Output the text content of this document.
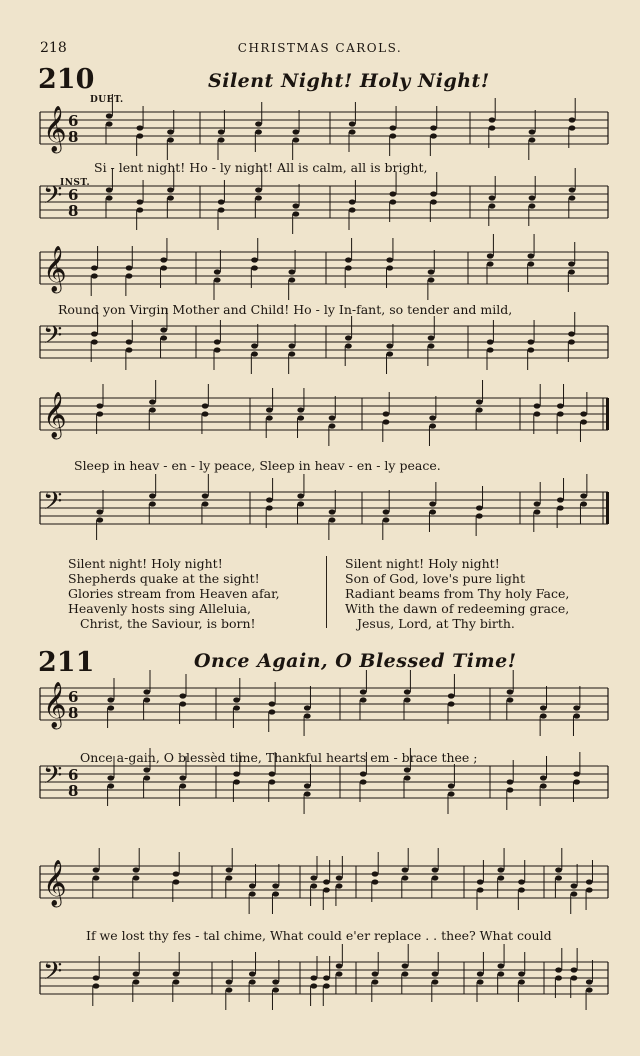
218	CHRISTMAS CAROLS.
210	Silent Night! Holy Night!
DUET.
INST.
Si - lent night! Ho - ly night! All is calm, all is bright,
Round yon Virgin Mother and Child! Ho - ly In-fant, so tender and mild,
Sleep in heav - en - ly peace, Sleep in heav - en - ly peace.
Silent night! Holy night!
Shepherds quake at the sight!
Glories stream from Heaven afar,
Heavenly hosts sing Alleluia,
Christ, the Saviour, is born!
Silent night! Holy night!
Son of God, love's pure light
Radiant beams from Thy holy Face,
With the dawn of redeeming grace,
Jesus, Lord, at Thy birth.
211	Once Again, O Blessed Time!
Once a-gain, O blessèd time, Thankful hearts em - brace thee ;
If we lost thy fes - tal chime, What could e'er replace . . thee? What could
𝄞 6
8
𝄢 6
8
𝄞
𝄢
𝄞
𝄢
𝄞 6
8
𝄢 6
8
𝄞
𝄢
